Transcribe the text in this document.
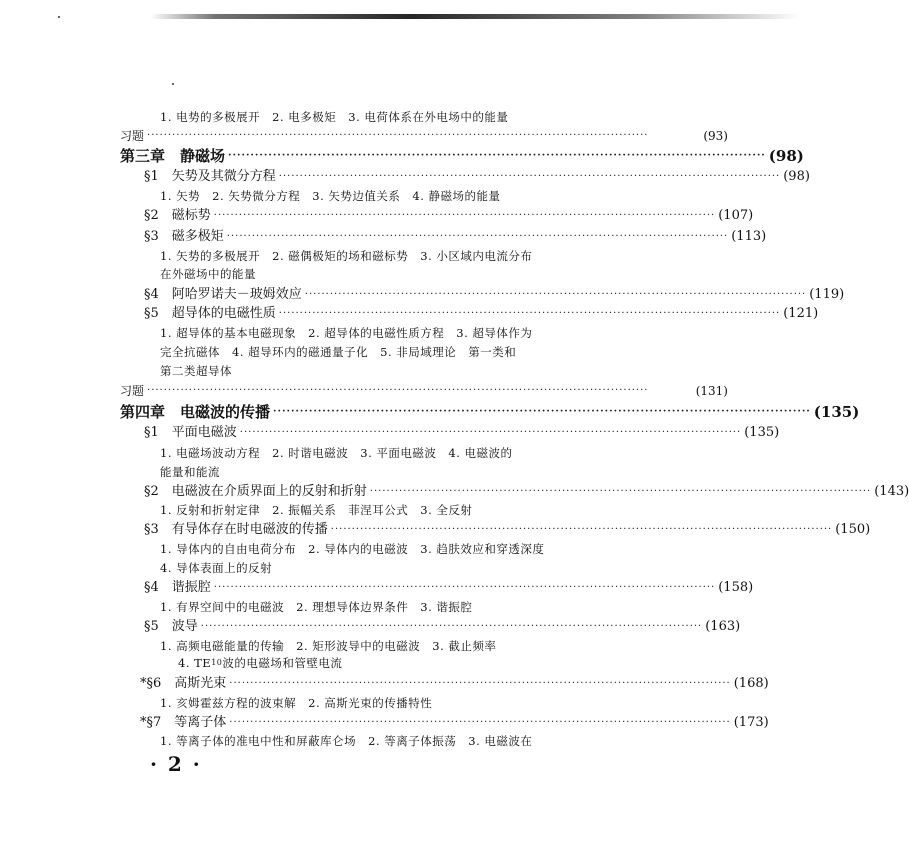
1. 电势的多极展开　2. 电多极矩　3. 电荷体系在外电场中的能量
习题 ························································································································	(93)
第三章　静磁场 ························································································································ (98)
§1　矢势及其微分方程 ························································································································ (98)
1. 矢势　2. 矢势微分方程　3. 矢势边值关系　4. 静磁场的能量
§2　磁标势 ························································································································ (107)
§3　磁多极矩 ························································································································ (113)
1. 矢势的多极展开　2. 磁偶极矩的场和磁标势　3. 小区域内电流分布
在外磁场中的能量
§4　阿哈罗诺夫－玻姆效应 ························································································································ (119)
§5　超导体的电磁性质 ························································································································ (121)
1. 超导体的基本电磁现象　2. 超导体的电磁性质方程　3. 超导体作为
完全抗磁体　4. 超导环内的磁通量子化　5. 非局域理论　第一类和
第二类超导体
习题 ························································································································	(131)
第四章　电磁波的传播 ························································································································ (135)
§1　平面电磁波 ························································································································ (135)
1. 电磁场波动方程　2. 时谐电磁波　3. 平面电磁波　4. 电磁波的
能量和能流
§2　电磁波在介质界面上的反射和折射 ························································································································ (143)
1. 反射和折射定律　2. 振幅关系　菲涅耳公式　3. 全反射
§3　有导体存在时电磁波的传播 ························································································································ (150)
1. 导体内的自由电荷分布　2. 导体内的电磁波　3. 趋肤效应和穿透深度
4. 导体表面上的反射
§4　谐振腔 ························································································································ (158)
1. 有界空间中的电磁波　2. 理想导体边界条件　3. 谐振腔
§5　波导 ························································································································ (163)
1. 高频电磁能量的传输　2. 矩形波导中的电磁波　3. 截止频率
4. TE 10 波的电磁场和管壁电流
*§6　高斯光束 ························································································································ (168)
1. 亥姆霍兹方程的波束解　2. 高斯光束的传播特性
*§7　等离子体 ························································································································ (173)
1. 等离子体的准电中性和屏蔽库仑场　2. 等离子体振荡　3. 电磁波在
· 2 ·
